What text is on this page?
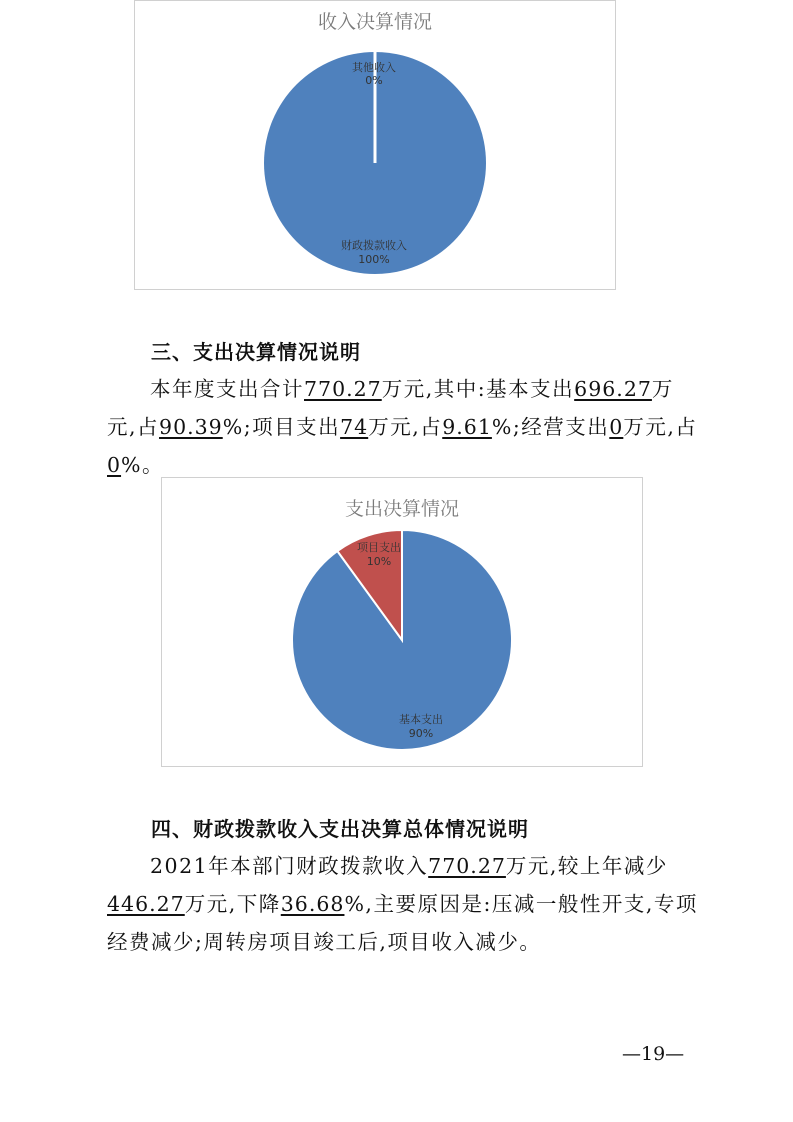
收入决算情况
其他收入
0%
财政拨款收入
100%
三、支出决算情况说明

本年度支出合计770.27万元,其中:基本支出696.27万元,占90.39%;项目支出74万元,占9.61%;经营支出0万元,占0%。

支出决算情况
项目支出
10%
基本支出
90%
四、财政拨款收入支出决算总体情况说明

2021年本部门财政拨款收入770.27万元,较上年减少446.27万元,下降36.68%,主要原因是:压减一般性开支,专项经费减少;周转房项目竣工后,项目收入减少。

—19—
